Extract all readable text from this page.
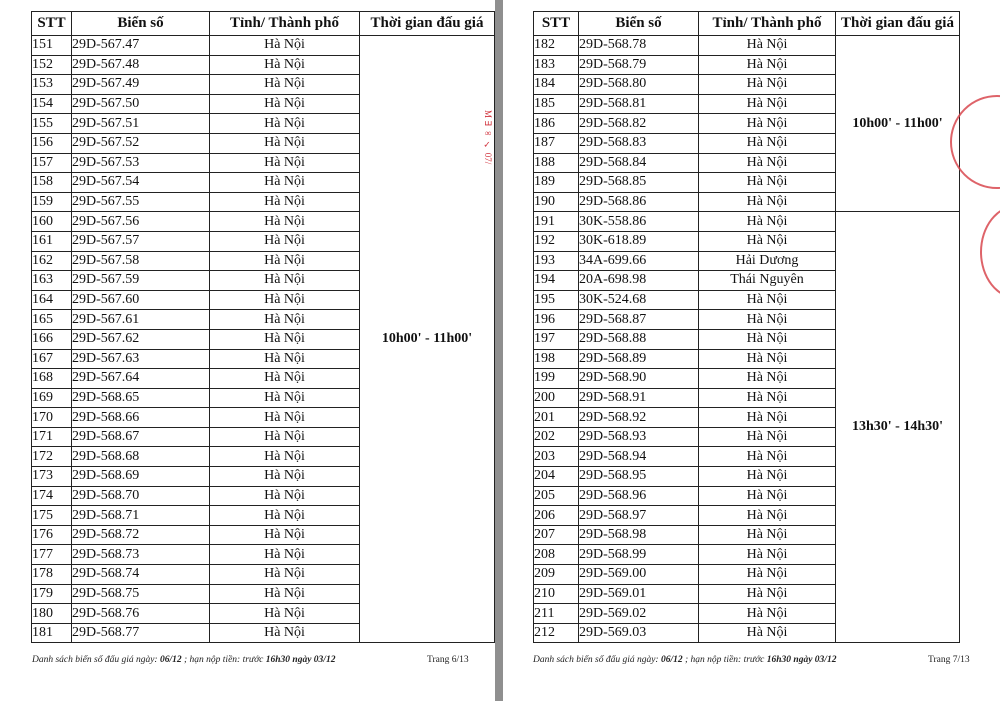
STT	Biển số	Tỉnh/ Thành phố	Thời gian đấu giá
151	29D-567.47	Hà Nội	10h00' - 11h00'
152	29D-567.48	Hà Nội	
153	29D-567.49	Hà Nội	
154	29D-567.50	Hà Nội	
155	29D-567.51	Hà Nội	
156	29D-567.52	Hà Nội	
157	29D-567.53	Hà Nội	
158	29D-567.54	Hà Nội	
159	29D-567.55	Hà Nội	
160	29D-567.56	Hà Nội	
161	29D-567.57	Hà Nội	
162	29D-567.58	Hà Nội	
163	29D-567.59	Hà Nội	
164	29D-567.60	Hà Nội	
165	29D-567.61	Hà Nội	
166	29D-567.62	Hà Nội	
167	29D-567.63	Hà Nội	
168	29D-567.64	Hà Nội	
169	29D-568.65	Hà Nội	
170	29D-568.66	Hà Nội	
171	29D-568.67	Hà Nội	
172	29D-568.68	Hà Nội	
173	29D-568.69	Hà Nội	
174	29D-568.70	Hà Nội	
175	29D-568.71	Hà Nội	
176	29D-568.72	Hà Nội	
177	29D-568.73	Hà Nội	
178	29D-568.74	Hà Nội	
179	29D-568.75	Hà Nội	
180	29D-568.76	Hà Nội	
181	29D-568.77	Hà Nội	
Danh sách biển số đấu giá ngày: 06/12 ; hạn nộp tiền: trước 16h30 ngày 03/12	Trang 6/13
M ∃ ∞ ✓ 07/
STT	Biển số	Tỉnh/ Thành phố	Thời gian đấu giá
182	29D-568.78	Hà Nội	10h00' - 11h00'
183	29D-568.79	Hà Nội	
184	29D-568.80	Hà Nội	
185	29D-568.81	Hà Nội	
186	29D-568.82	Hà Nội	
187	29D-568.83	Hà Nội	
188	29D-568.84	Hà Nội	
189	29D-568.85	Hà Nội	
190	29D-568.86	Hà Nội	
191	30K-558.86	Hà Nội	13h30' - 14h30'
192	30K-618.89	Hà Nội	
193	34A-699.66	Hải Dương	
194	20A-698.98	Thái Nguyên	
195	30K-524.68	Hà Nội	
196	29D-568.87	Hà Nội	
197	29D-568.88	Hà Nội	
198	29D-568.89	Hà Nội	
199	29D-568.90	Hà Nội	
200	29D-568.91	Hà Nội	
201	29D-568.92	Hà Nội	
202	29D-568.93	Hà Nội	
203	29D-568.94	Hà Nội	
204	29D-568.95	Hà Nội	
205	29D-568.96	Hà Nội	
206	29D-568.97	Hà Nội	
207	29D-568.98	Hà Nội	
208	29D-568.99	Hà Nội	
209	29D-569.00	Hà Nội	
210	29D-569.01	Hà Nội	
211	29D-569.02	Hà Nội	
212	29D-569.03	Hà Nội	
Danh sách biển số đấu giá ngày: 06/12 ; hạn nộp tiền: trước 16h30 ngày 03/12	Trang 7/13
